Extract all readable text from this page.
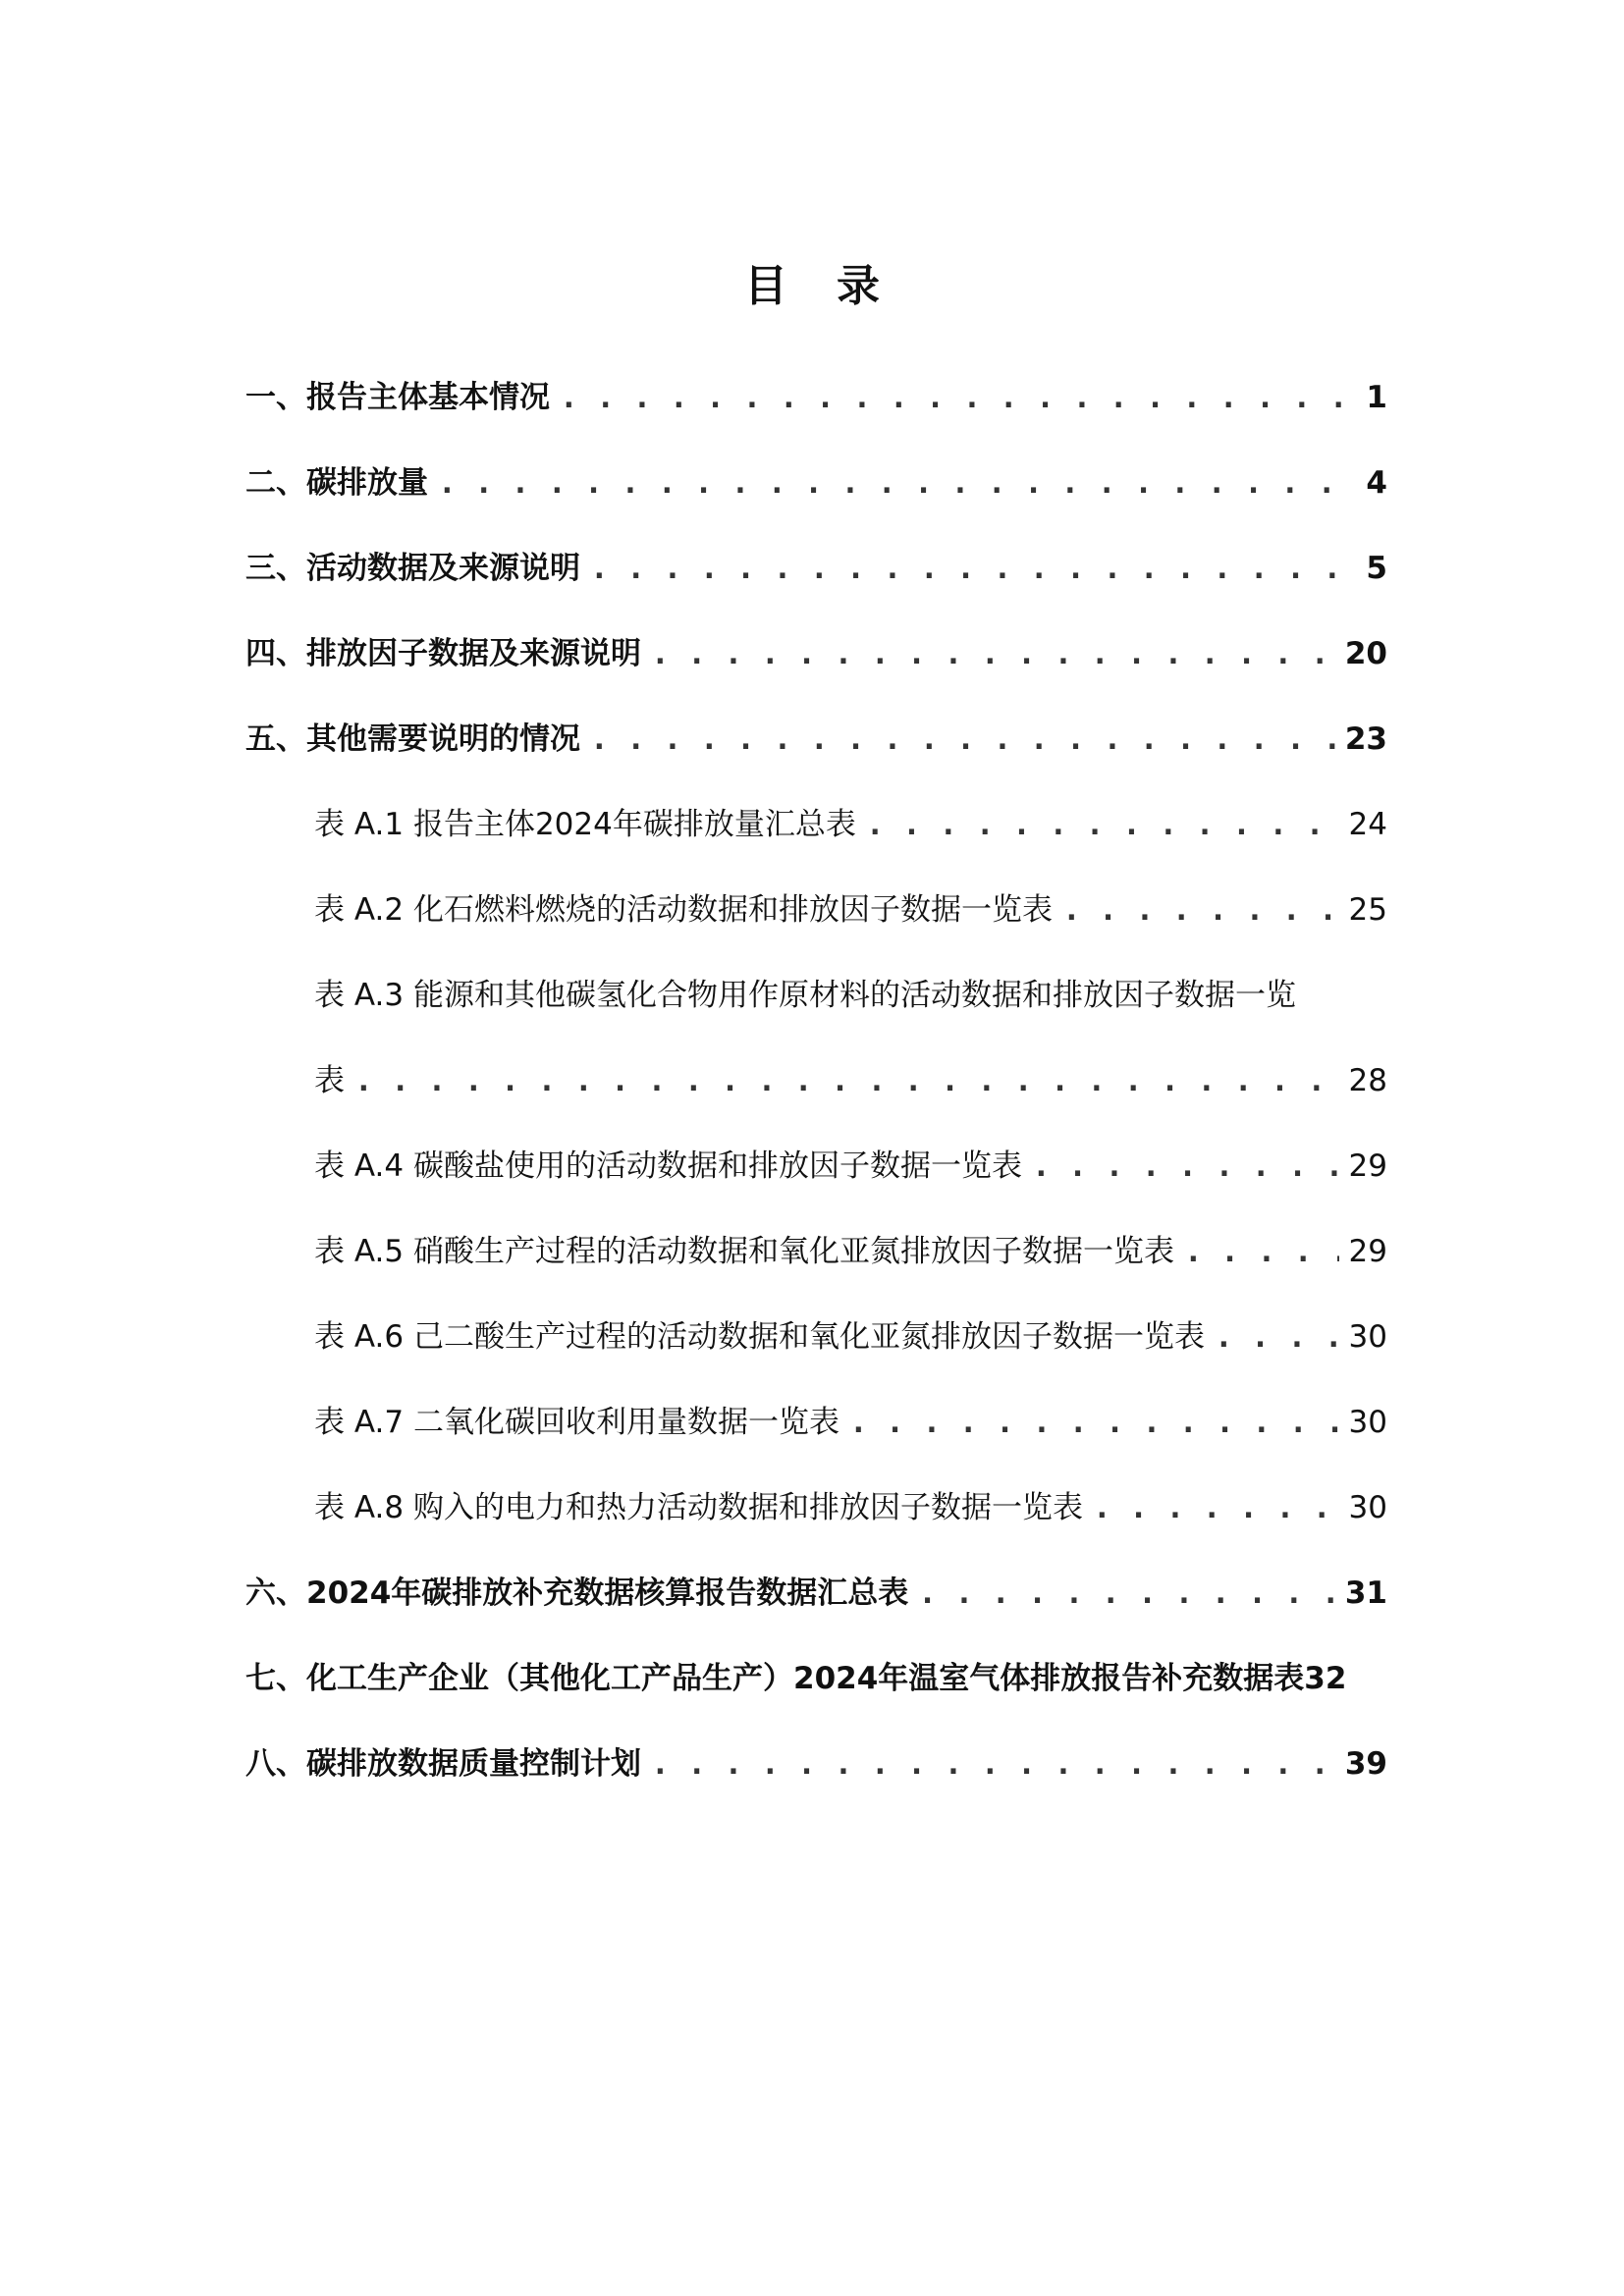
目录
一、报告主体基本情况 . . .	1
二、碳排放量 . . .	4
三、活动数据及来源说明 . . .	5
四、排放因子数据及来源说明 . . .	20
五、其他需要说明的情况 . . .	23
表 A.1 报告主体2024年碳排放量汇总表 . . .	24
表 A.2 化石燃料燃烧的活动数据和排放因子数据一览表 . . .	25
表 A.3 能源和其他碳氢化合物用作原材料的活动数据和排放因子数据一览
表 . . .	28
表 A.4 碳酸盐使用的活动数据和排放因子数据一览表 . . .	29
表 A.5 硝酸生产过程的活动数据和氧化亚氮排放因子数据一览表 . . .	29
表 A.6 己二酸生产过程的活动数据和氧化亚氮排放因子数据一览表 . . .	30
表 A.7 二氧化碳回收利用量数据一览表 . . .	30
表 A.8 购入的电力和热力活动数据和排放因子数据一览表 . . .	30
六、2024年碳排放补充数据核算报告数据汇总表 . . .	31
七、化工生产企业（其他化工产品生产）2024年温室气体排放报告补充数据表 32
八、碳排放数据质量控制计划 . . .	39
